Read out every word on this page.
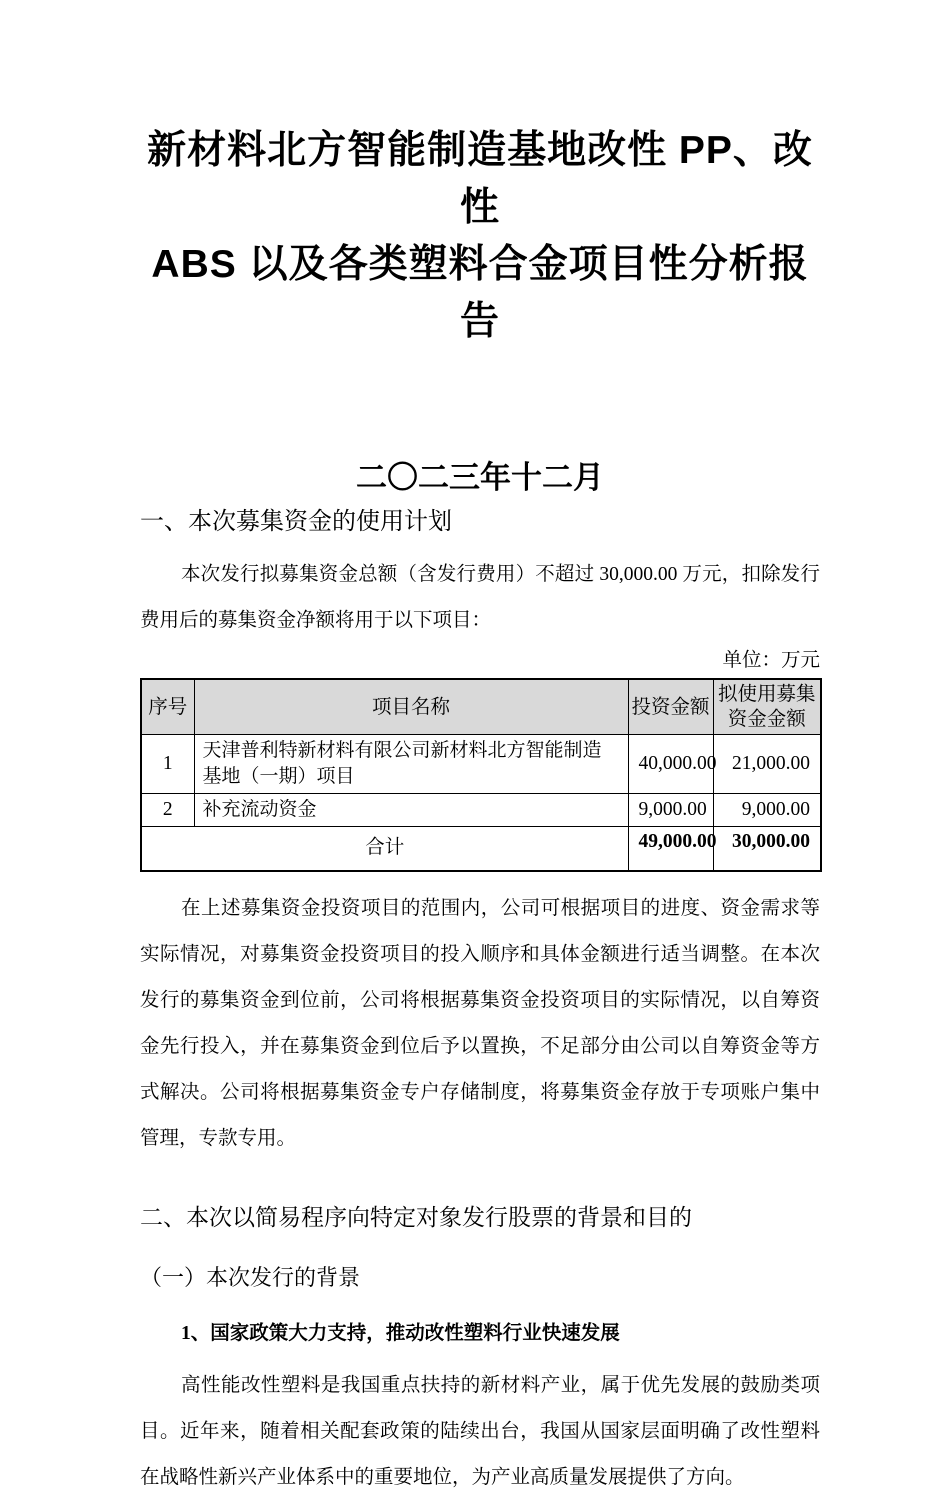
新材料北方智能制造基地改性 PP、改性
ABS 以及各类塑料合金项目性分析报告
二〇二三年十二月
一、本次募集资金的使用计划

本次发行拟募集资金总额（含发行费用）不超过 30,000.00 万元，扣除发行费用后的募集资金净额将用于以下项目：

单位：万元
序号	项目名称	投资金额	拟使用募集资金金额
1	天津普利特新材料有限公司新材料北方智能制造基地（一期）项目	40,000.00	21,000.00
2	补充流动资金	9,000.00	9,000.00
合计		49,000.00	30,000.00

在上述募集资金投资项目的范围内，公司可根据项目的进度、资金需求等实际情况，对募集资金投资项目的投入顺序和具体金额进行适当调整。在本次发行的募集资金到位前，公司将根据募集资金投资项目的实际情况，以自筹资金先行投入，并在募集资金到位后予以置换，不足部分由公司以自筹资金等方式解决。公司将根据募集资金专户存储制度，将募集资金存放于专项账户集中管理，专款专用。

二、本次以简易程序向特定对象发行股票的背景和目的
（一）本次发行的背景
1、国家政策大力支持，推动改性塑料行业快速发展

高性能改性塑料是我国重点扶持的新材料产业，属于优先发展的鼓励类项目。近年来，随着相关配套政策的陆续出台，我国从国家层面明确了改性塑料在战略性新兴产业体系中的重要地位，为产业高质量发展提供了方向。
